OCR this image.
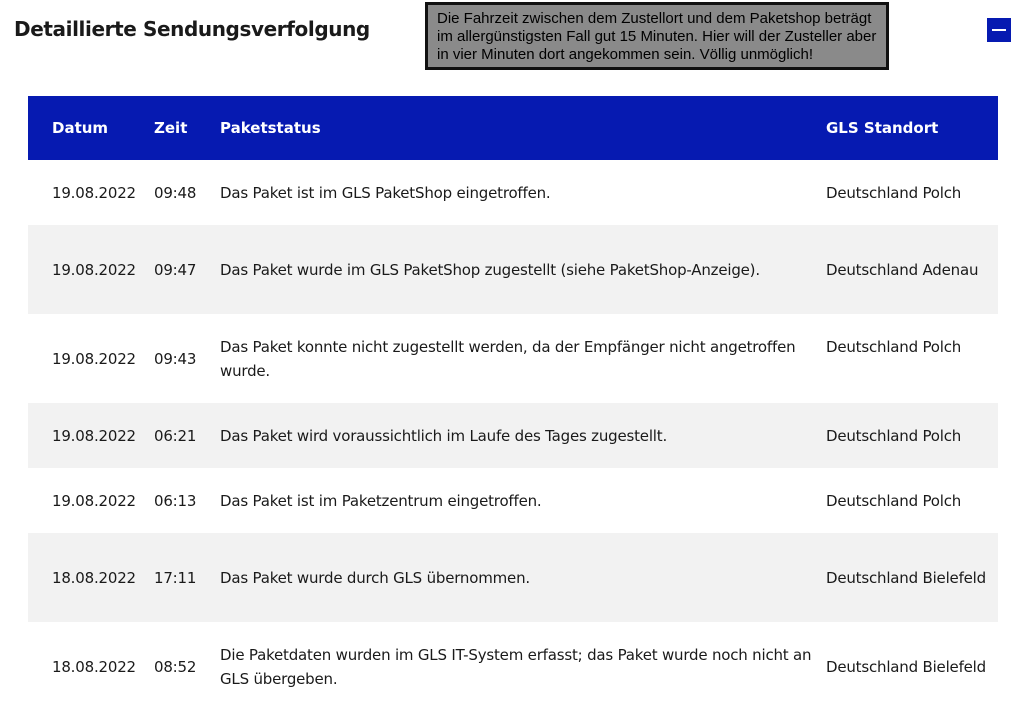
Detaillierte Sendungsverfolgung	Die Fahrzeit zwischen dem Zustellort und dem Paketshop beträgt im allergünstigsten Fall gut 15 Minuten. Hier will der Zusteller aber in vier Minuten dort angekommen sein. Völlig unmöglich!
Datum	Zeit	Paketstatus	GLS Standort
19.08.2022	09:48	Das Paket ist im GLS PaketShop eingetroffen.	Deutschland Polch
19.08.2022	09:47	Das Paket wurde im GLS PaketShop zugestellt (siehe PaketShop-Anzeige).	Deutschland Adenau
19.08.2022	09:43	Das Paket konnte nicht zugestellt werden, da der Empfänger nicht angetroffen wurde.	Deutschland Polch
19.08.2022	06:21	Das Paket wird voraussichtlich im Laufe des Tages zugestellt.	Deutschland Polch
19.08.2022	06:13	Das Paket ist im Paketzentrum eingetroffen.	Deutschland Polch
18.08.2022	17:11	Das Paket wurde durch GLS übernommen.	Deutschland Bielefeld
18.08.2022	08:52	Die Paketdaten wurden im GLS IT-System erfasst; das Paket wurde noch nicht an GLS übergeben.	Deutschland Bielefeld
